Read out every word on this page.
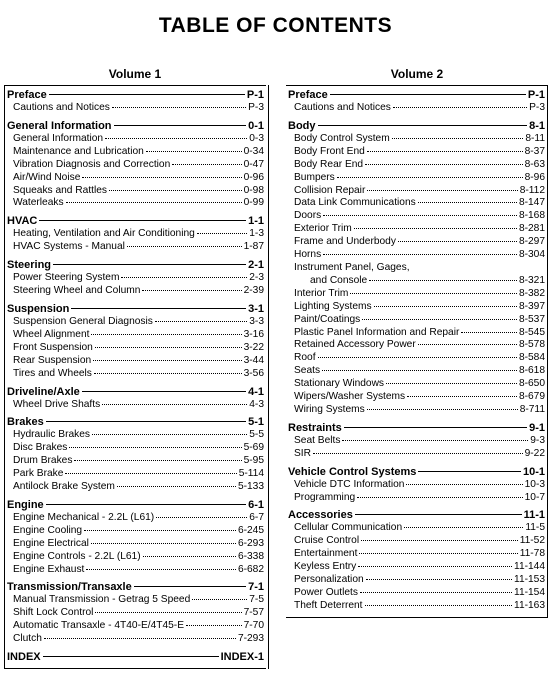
TABLE OF CONTENTS
Volume 1
Preface	P-1
Cautions and Notices	P-3
General Information	0-1
General Information	0-3
Maintenance and Lubrication	0-34
Vibration Diagnosis and Correction	0-47
Air/Wind Noise	0-96
Squeaks and Rattles	0-98
Waterleaks	0-99
HVAC	1-1
Heating, Ventilation and Air Conditioning	1-3
HVAC Systems - Manual	1-87
Steering	2-1
Power Steering System	2-3
Steering Wheel and Column	2-39
Suspension	3-1
Suspension General Diagnosis	3-3
Wheel Alignment	3-16
Front Suspension	3-22
Rear Suspension	3-44
Tires and Wheels	3-56
Driveline/Axle	4-1
Wheel Drive Shafts	4-3
Brakes	5-1
Hydraulic Brakes	5-5
Disc Brakes	5-69
Drum Brakes	5-95
Park Brake	5-114
Antilock Brake System	5-133
Engine	6-1
Engine Mechanical - 2.2L (L61)	6-7
Engine Cooling	6-245
Engine Electrical	6-293
Engine Controls - 2.2L (L61)	6-338
Engine Exhaust	6-682
Transmission/Transaxle	7-1
Manual Transmission - Getrag 5 Speed	7-5
Shift Lock Control	7-57
Automatic Transaxle - 4T40-E/4T45-E	7-70
Clutch	7-293
INDEX	INDEX-1
Volume 2
Preface	P-1
Cautions and Notices	P-3
Body	8-1
Body Control System	8-11
Body Front End	8-37
Body Rear End	8-63
Bumpers	8-96
Collision Repair	8-112
Data Link Communications	8-147
Doors	8-168
Exterior Trim	8-281
Frame and Underbody	8-297
Horns	8-304
Instrument Panel, Gages,
and Console	8-321
Interior Trim	8-382
Lighting Systems	8-397
Paint/Coatings	8-537
Plastic Panel Information and Repair	8-545
Retained Accessory Power	8-578
Roof	8-584
Seats	8-618
Stationary Windows	8-650
Wipers/Washer Systems	8-679
Wiring Systems	8-711
Restraints	9-1
Seat Belts	9-3
SIR	9-22
Vehicle Control Systems	10-1
Vehicle DTC Information	10-3
Programming	10-7
Accessories	11-1
Cellular Communication	11-5
Cruise Control	11-52
Entertainment	11-78
Keyless Entry	11-144
Personalization	11-153
Power Outlets	11-154
Theft Deterrent	11-163
